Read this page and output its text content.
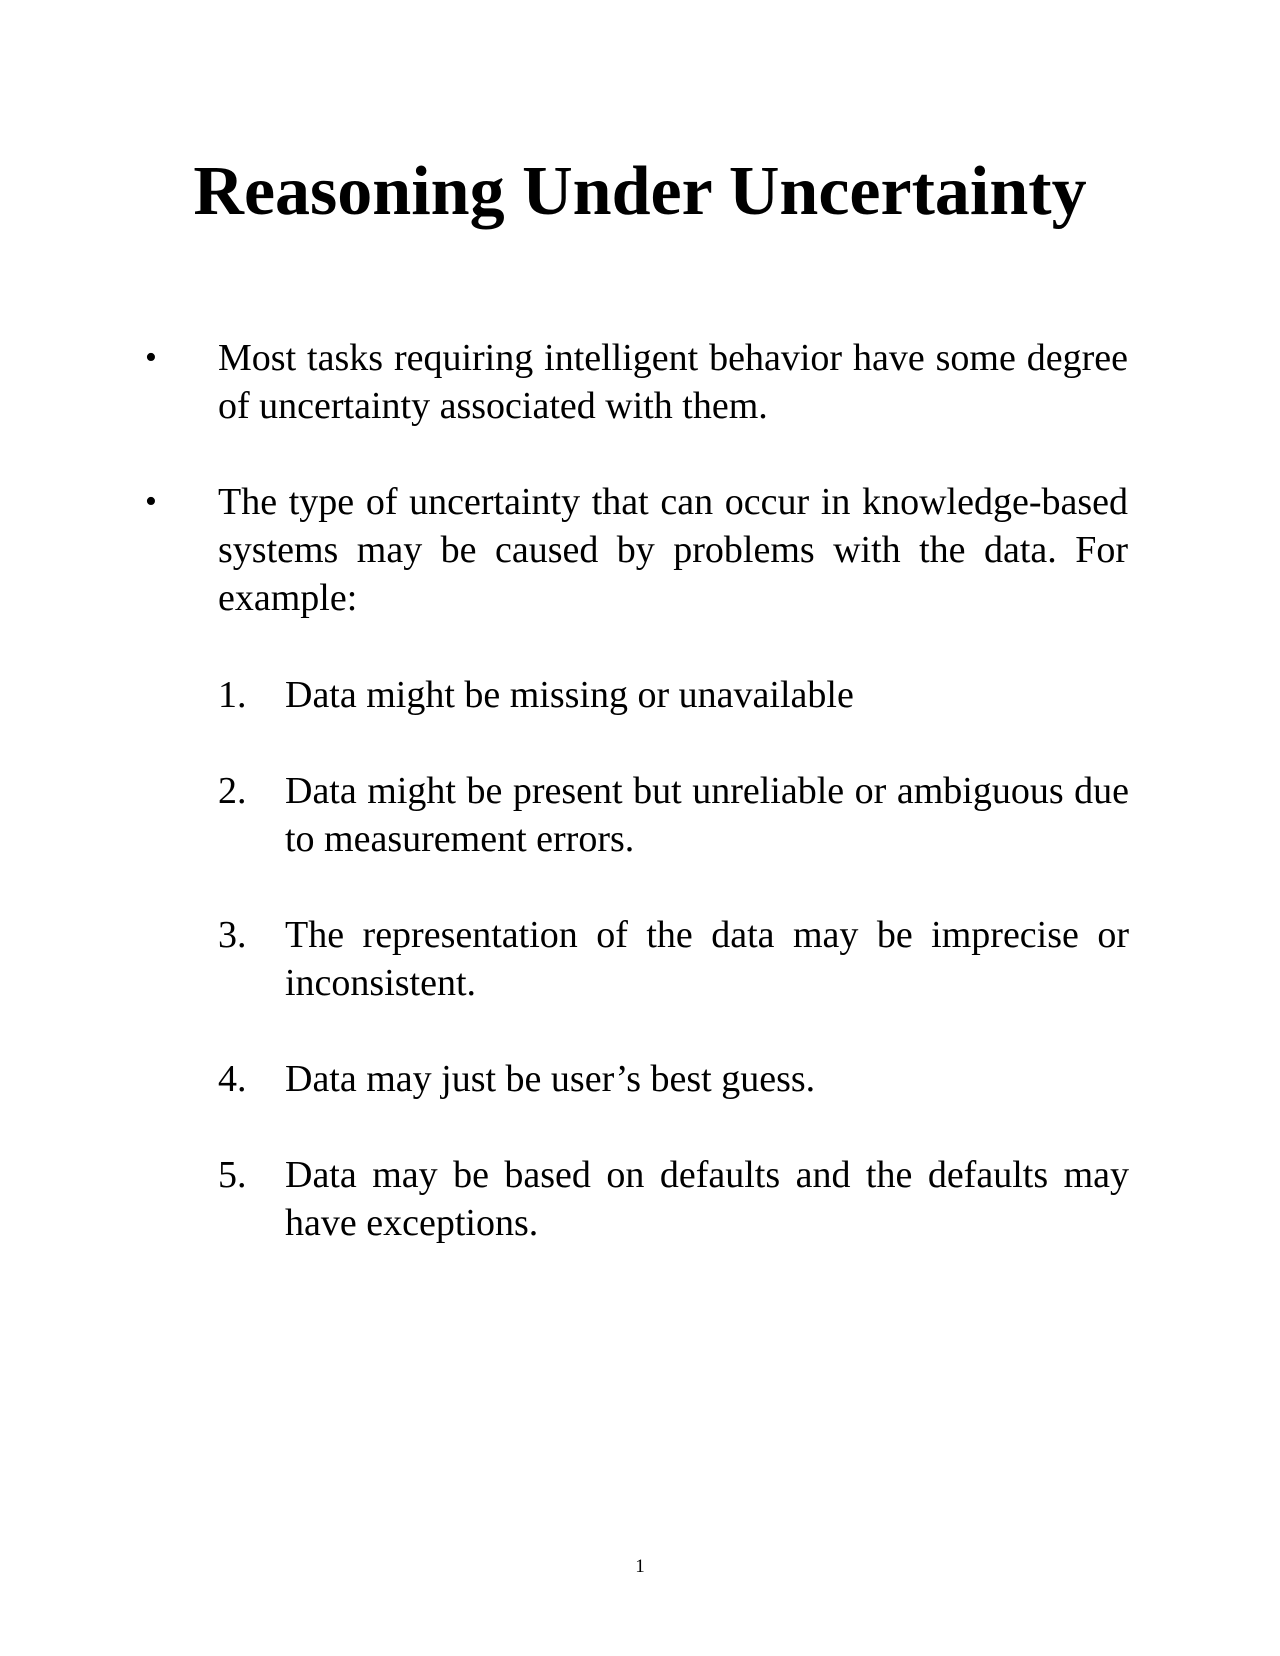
Reasoning Under Uncertainty
•	Most tasks requiring intelligent behavior have some degree of uncertainty associated with them.
•	The type of uncertainty that can occur in knowledge-based systems may be caused by problems with the data. For example:
1.	Data might be missing or unavailable
2.	Data might be present but unreliable or ambiguous due to measurement errors.
3.	The representation of the data may be imprecise or inconsistent.
4.	Data may just be user’s best guess.
5.	Data may be based on defaults and the defaults may have exceptions.
1
